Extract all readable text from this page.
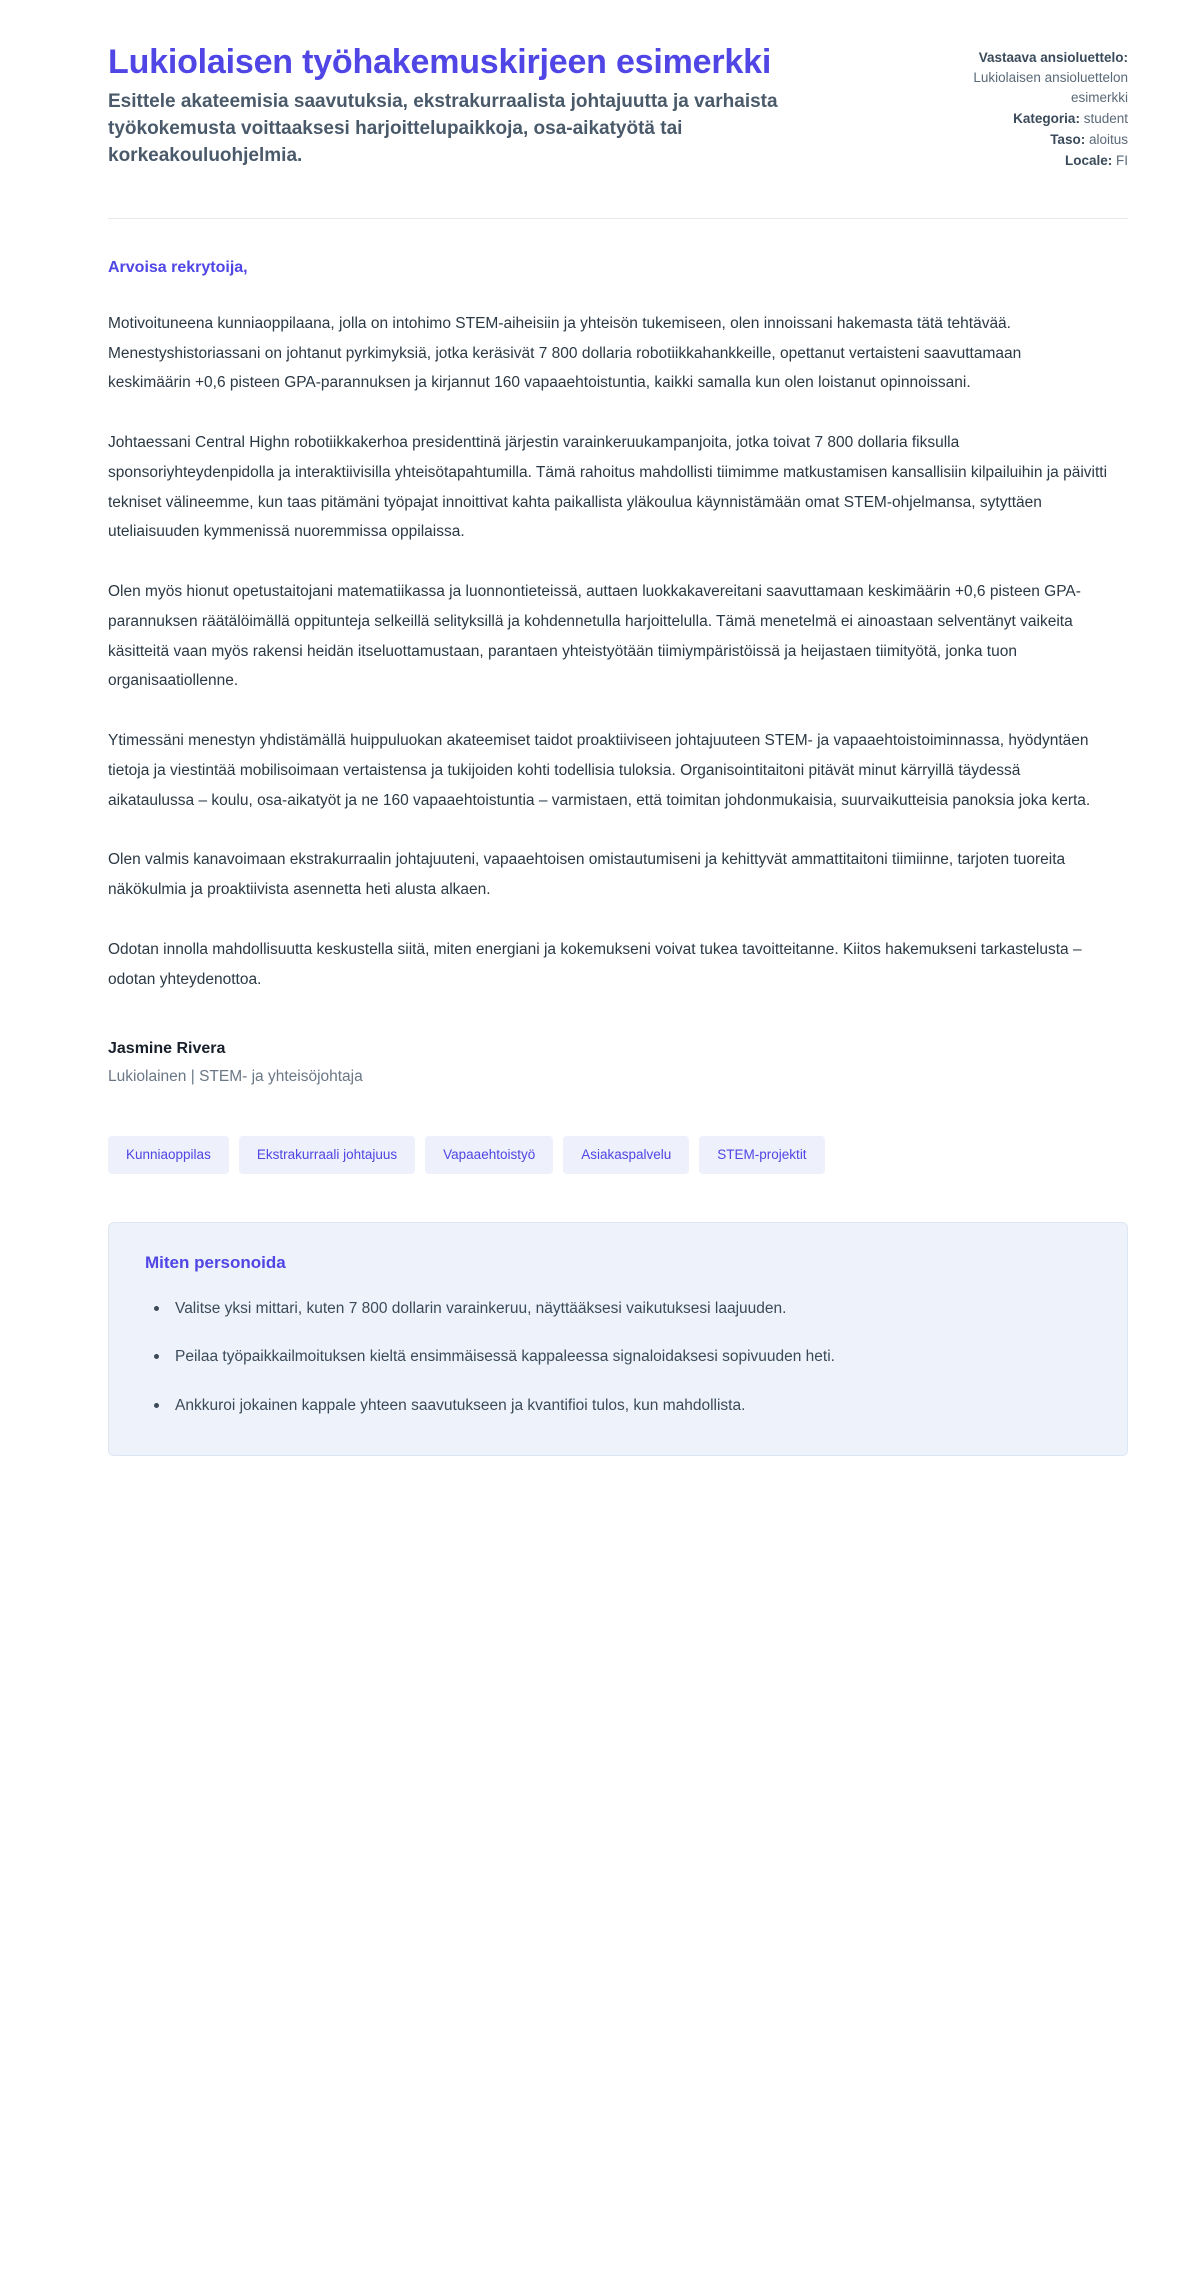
Lukiolaisen työhakemuskirjeen esimerkki

Esittele akateemisia saavutuksia, ekstrakurraalista johtajuutta ja varhaista työkokemusta voittaaksesi harjoittelupaikkoja, osa-aikatyötä tai korkeakouluohjelmia.

Vastaava ansioluettelo:
Lukiolaisen ansioluettelon esimerkki
Kategoria: student
Taso: aloitus
Locale: FI

Arvoisa rekrytoija,

Motivoituneena kunniaoppilaana, jolla on intohimo STEM-aiheisiin ja yhteisön tukemiseen, olen innoissani hakemasta tätä tehtävää. Menestyshistoriassani on johtanut pyrkimyksiä, jotka keräsivät 7 800 dollaria robotiikkahankkeille, opettanut vertaisteni saavuttamaan keskimäärin +0,6 pisteen GPA-parannuksen ja kirjannut 160 vapaaehtoistuntia, kaikki samalla kun olen loistanut opinnoissani.

Johtaessani Central Highn robotiikkakerhoa presidenttinä järjestin varainkeruukampanjoita, jotka toivat 7 800 dollaria fiksulla sponsoriyhteydenpidolla ja interaktiivisilla yhteisötapahtumilla. Tämä rahoitus mahdollisti tiimimme matkustamisen kansallisiin kilpailuihin ja päivitti tekniset välineemme, kun taas pitämäni työpajat innoittivat kahta paikallista yläkoulua käynnistämään omat STEM-ohjelmansa, sytyttäen uteliaisuuden kymmenissä nuoremmissa oppilaissa.

Olen myös hionut opetustaitojani matematiikassa ja luonnontieteissä, auttaen luokkakavereitani saavuttamaan keskimäärin +0,6 pisteen GPA-parannuksen räätälöimällä oppitunteja selkeillä selityksillä ja kohdennetulla harjoittelulla. Tämä menetelmä ei ainoastaan selventänyt vaikeita käsitteitä vaan myös rakensi heidän itseluottamustaan, parantaen yhteistyötään tiimiympäristöissä ja heijastaen tiimityötä, jonka tuon organisaatiollenne.

Ytimessäni menestyn yhdistämällä huippuluokan akateemiset taidot proaktiiviseen johtajuuteen STEM- ja vapaaehtoistoiminnassa, hyödyntäen tietoja ja viestintää mobilisoimaan vertaistensa ja tukijoiden kohti todellisia tuloksia. Organisointitaitoni pitävät minut kärryillä täydessä aikataulussa – koulu, osa-aikatyöt ja ne 160 vapaaehtoistuntia – varmistaen, että toimitan johdonmukaisia, suurvaikutteisia panoksia joka kerta.

Olen valmis kanavoimaan ekstrakurraalin johtajuuteni, vapaaehtoisen omistautumiseni ja kehittyvät ammattitaitoni tiimiinne, tarjoten tuoreita näkökulmia ja proaktiivista asennetta heti alusta alkaen.

Odotan innolla mahdollisuutta keskustella siitä, miten energiani ja kokemukseni voivat tukea tavoitteitanne. Kiitos hakemukseni tarkastelusta – odotan yhteydenottoa.

Jasmine Rivera

Lukiolainen | STEM- ja yhteisöjohtaja

Kunniaoppilas	Ekstrakurraali johtajuus	Vapaaehtoistyö	Asiakaspalvelu	STEM-projektit
Miten personoida
Valitse yksi mittari, kuten 7 800 dollarin varainkeruu, näyttääksesi vaikutuksesi laajuuden.
Peilaa työpaikkailmoituksen kieltä ensimmäisessä kappaleessa signaloidaksesi sopivuuden heti.
Ankkuroi jokainen kappale yhteen saavutukseen ja kvantifioi tulos, kun mahdollista.
